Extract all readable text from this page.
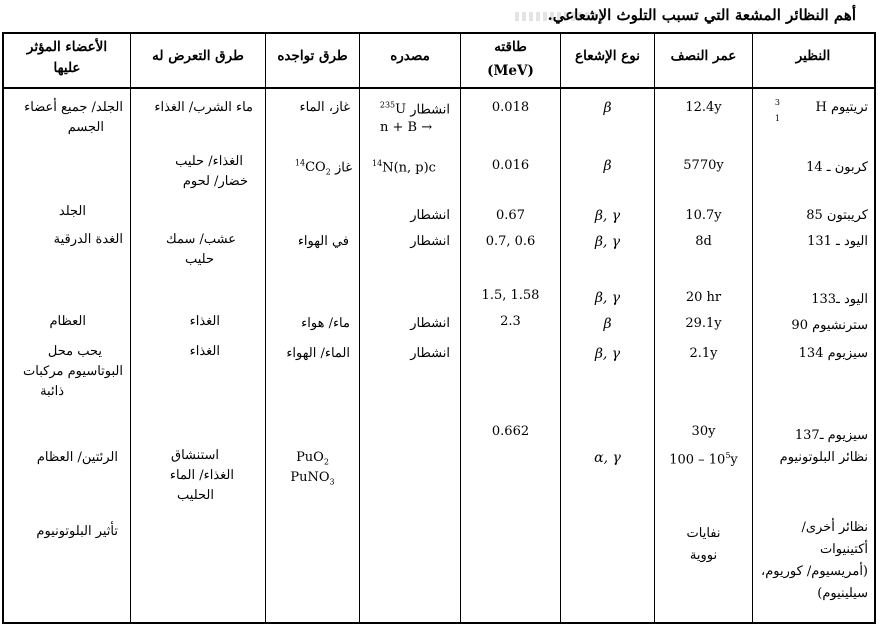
أهم النظائر المشعة التي تسبب التلوث الإشعاعي.
النظير
عمر النصف
نوع الإشعاع
طاقته
(MeV)
مصدره
طرق تواجده
طرق التعرض له
الأعضاء المؤثر
عليها
تريتيوم H
3
1
12.4y
β
0.018
انشطار $^{235}$U
n + B →
غاز، الماء
ماء الشرب/ الغذاء
الجلد/ جميع أعضاء
الجسم
كربون ـ 14
5770y
β
0.016
$^{14}$N(n, p)c
غاز $^{14}CO_2$
الغذاء/ حليب
خضار/ لحوم
كريبتون 85
10.7y
β, γ
0.67
انشطار
الجلد
اليود ـ 131
8d
β, γ
0.7, 0.6
انشطار
في الهواء
عشب/ سمك
حليب
الغدة الدرقية
اليود ـ133
20 hr
β, γ
1.5, 1.58
سترنشيوم 90
29.1y
β
2.3
انشطار
ماء/ هواء
الغذاء
العظام
سيزيوم 134
2.1y
β, γ
انشطار
الماء/ الهواء
الغذاء
يحب محل
البوتاسيوم مركبات
ذائبة
سيزيوم ـ137
30y
0.662
نظائر البلوتونيوم
$100 - 10^5y$
α, γ
PuO$_2$
PuNO$_3$
استنشاق
الغذاء/ الماء
الحليب
الرئتين/ العظام
نظائر أخرى/
أكتينيوات
(أمريسيوم/ كوريوم،
سيلينيوم)
نفايات
نووية
تأثير البلوتونيوم
